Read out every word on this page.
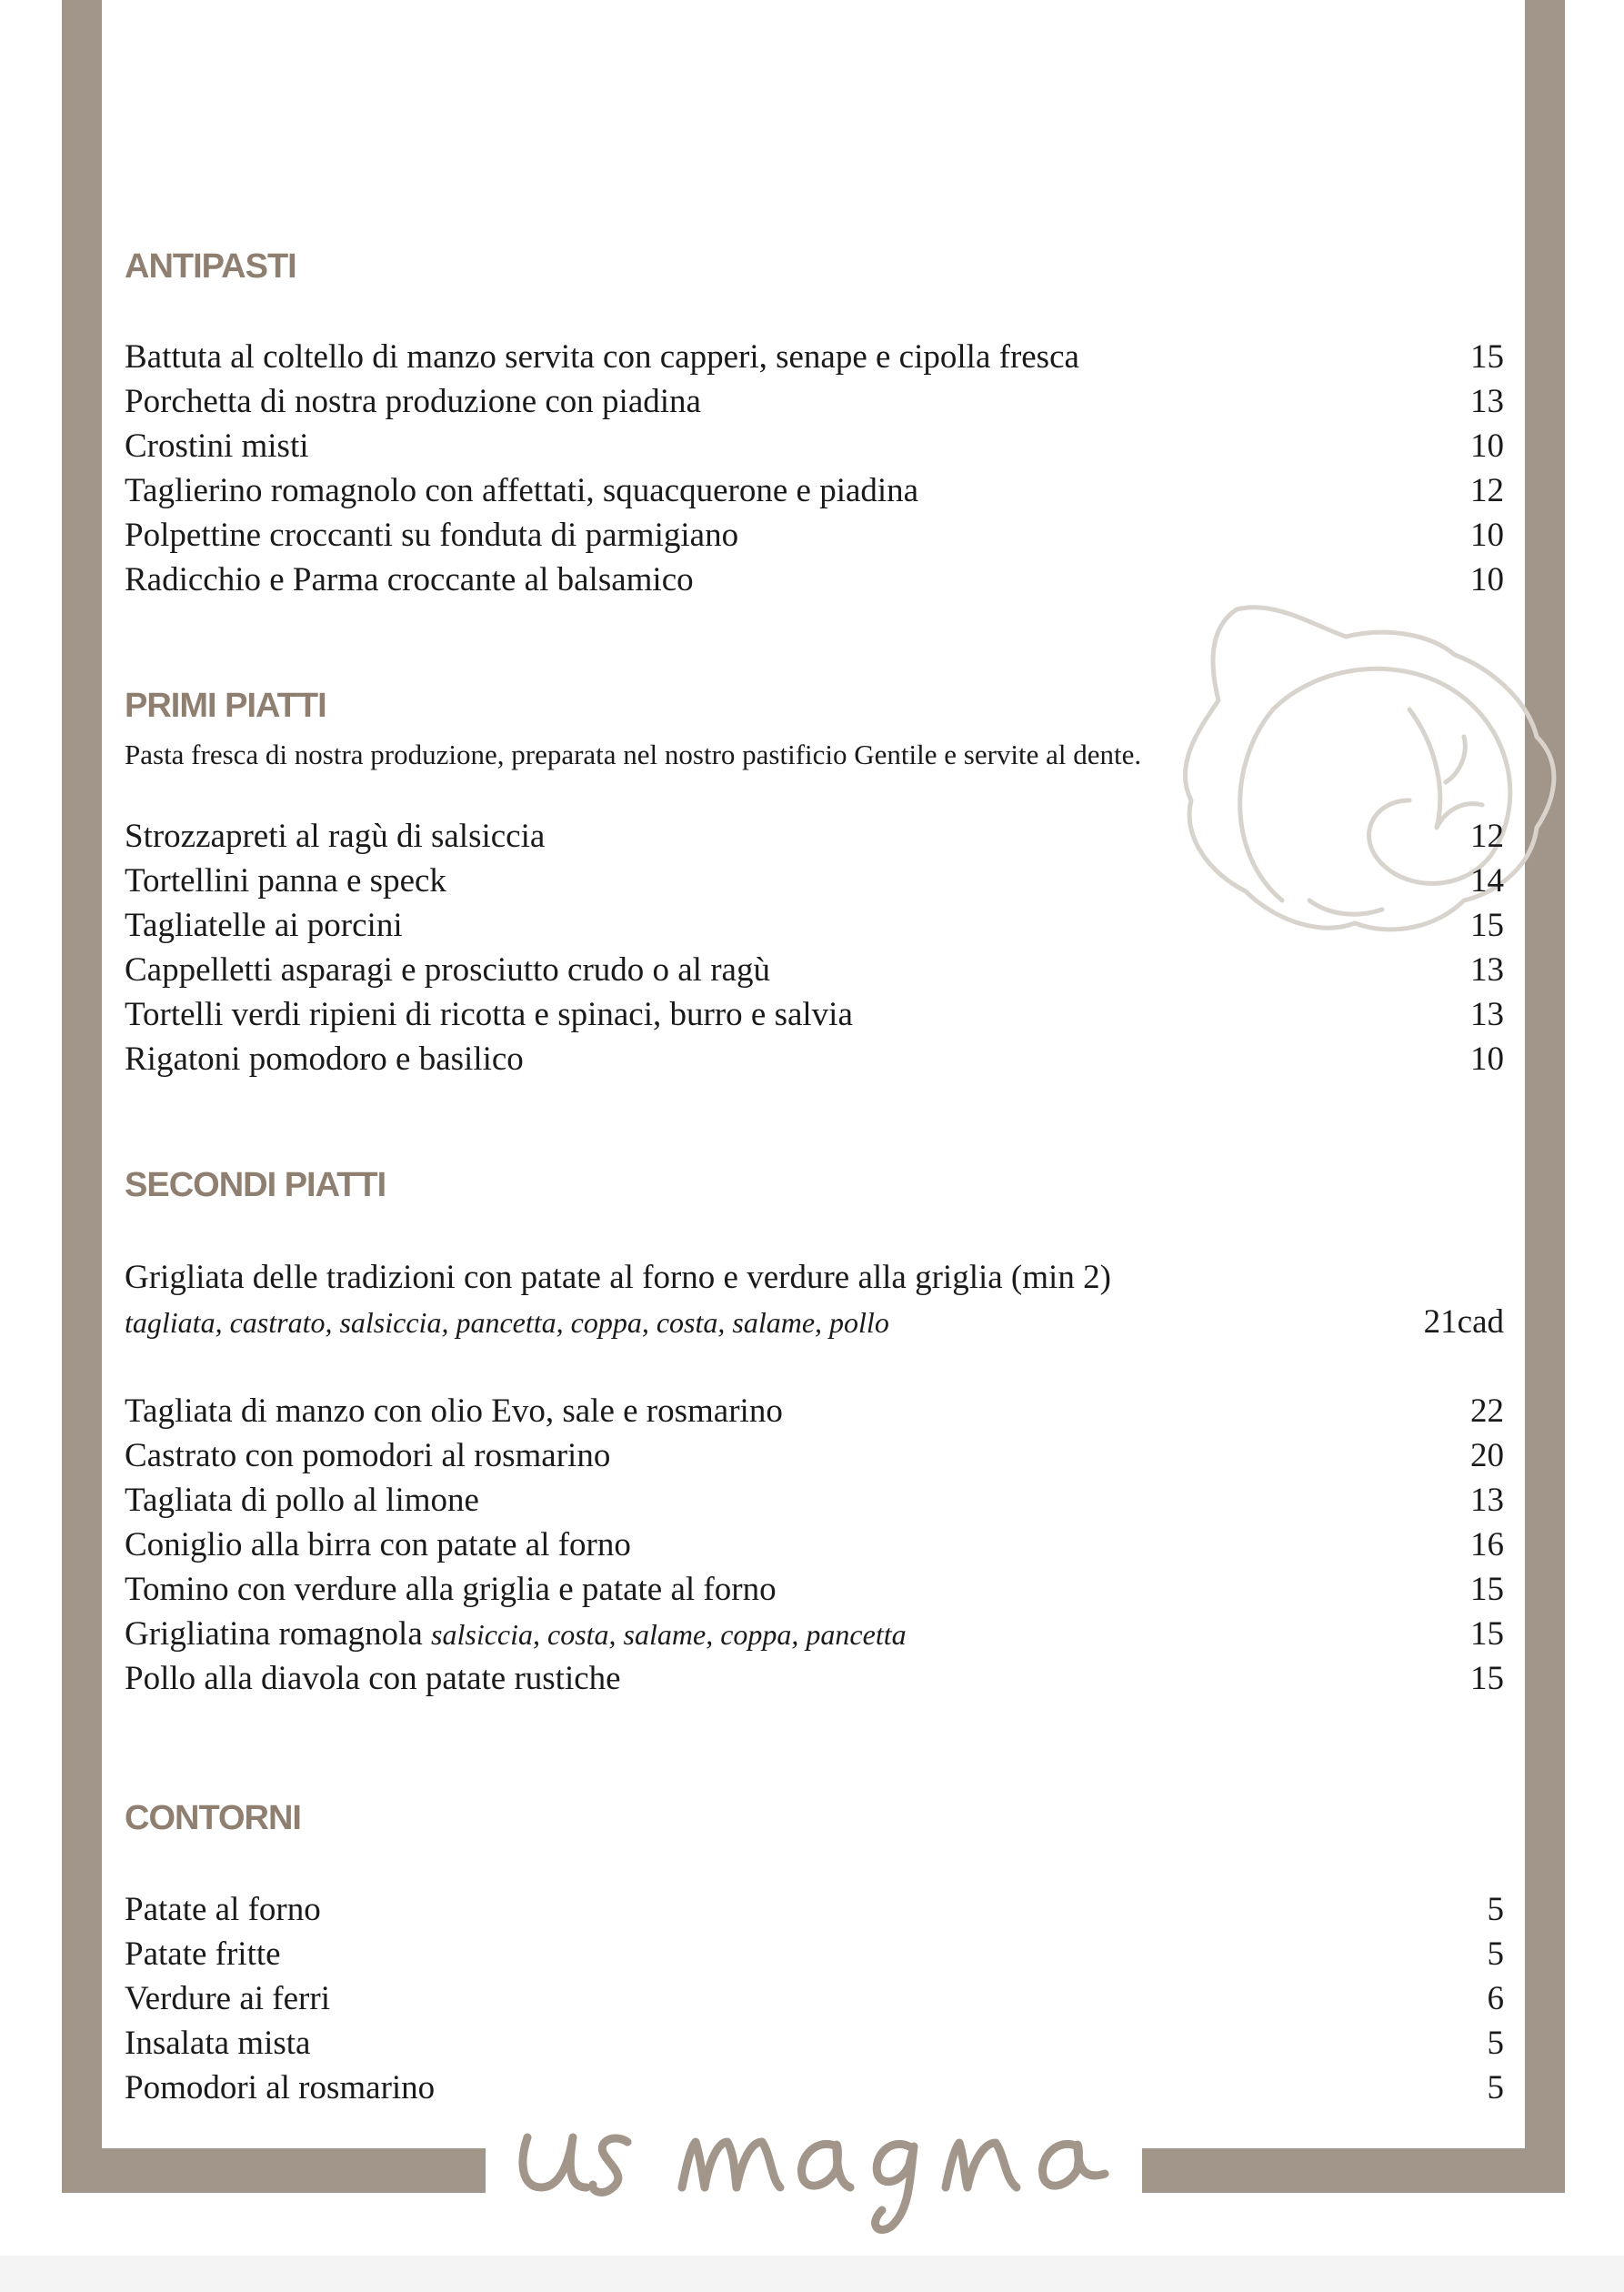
ANTIPASTI
Battuta al coltello di manzo servita con capperi, senape e cipolla fresca	15
Porchetta di nostra produzione con piadina	13
Crostini misti	10
Taglierino romagnolo con affettati, squacquerone e piadina	12
Polpettine croccanti su fonduta di parmigiano	10
Radicchio e Parma croccante al balsamico	10
PRIMI PIATTI

Pasta fresca di nostra produzione, preparata nel nostro pastificio Gentile e servite al dente.

Strozzapreti al ragù di salsiccia	12
Tortellini panna e speck	14
Tagliatelle ai porcini	15
Cappelletti asparagi e prosciutto crudo o al ragù	13
Tortelli verdi ripieni di ricotta e spinaci, burro e salvia	13
Rigatoni pomodoro e basilico	10
SECONDI PIATTI
Grigliata delle tradizioni con patate al forno e verdure alla griglia (min 2)
tagliata, castrato, salsiccia, pancetta, coppa, costa, salame, pollo	21cad
Tagliata di manzo con olio Evo, sale e rosmarino	22
Castrato con pomodori al rosmarino	20
Tagliata di pollo al limone	13
Coniglio alla birra con patate al forno	16
Tomino con verdure alla griglia e patate al forno	15
Grigliatina romagnola salsiccia, costa, salame, coppa, pancetta	15
Pollo alla diavola con patate rustiche	15
CONTORNI
Patate al forno	5
Patate fritte	5
Verdure ai ferri	6
Insalata mista	5
Pomodori al rosmarino	5
